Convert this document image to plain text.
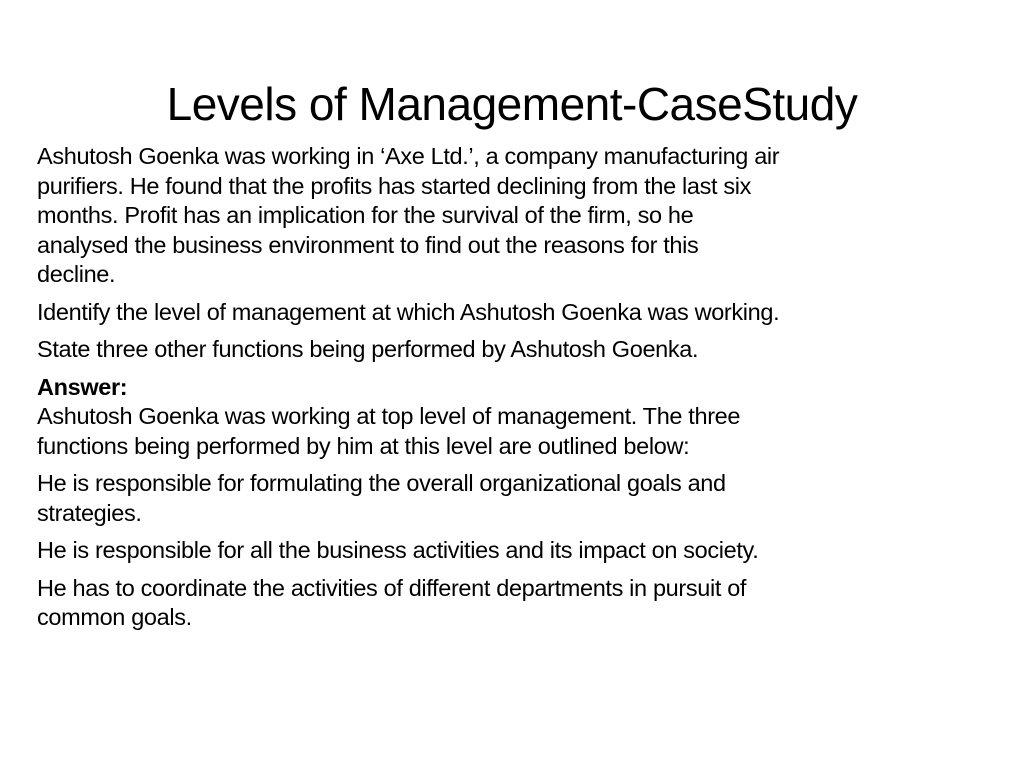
Levels of Management-CaseStudy
Ashutosh Goenka was working in ‘Axe Ltd.’, a company manufacturing air
purifiers. He found that the profits has started declining from the last six
months. Profit has an implication for the survival of the firm, so he
analysed the business environment to find out the reasons for this
decline.
Identify the level of management at which Ashutosh Goenka was working.
State three other functions being performed by Ashutosh Goenka.
Answer:
Ashutosh Goenka was working at top level of management. The three
functions being performed by him at this level are outlined below:
He is responsible for formulating the overall organizational goals and
strategies.
He is responsible for all the business activities and its impact on society.
He has to coordinate the activities of different departments in pursuit of
common goals.
